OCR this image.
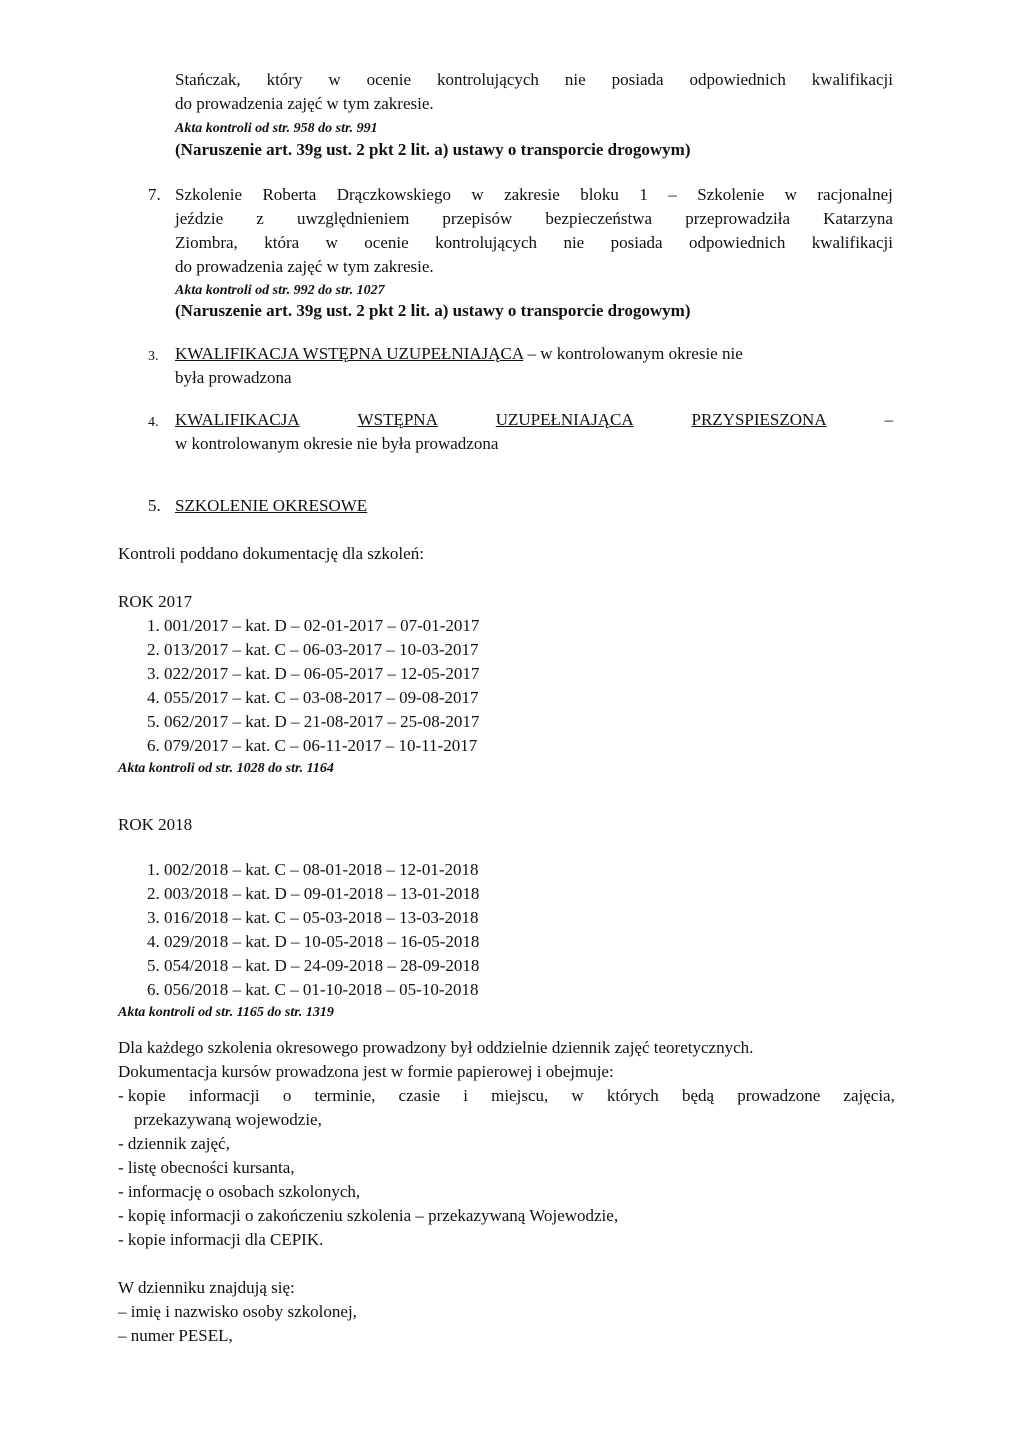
Stańczak, który w ocenie kontrolujących nie posiada odpowiednich kwalifikacji
do prowadzenia zajęć w tym zakresie.
Akta kontroli od str. 958 do str. 991
(Naruszenie art. 39g ust. 2 pkt 2 lit. a) ustawy o transporcie drogowym)
7. Szkolenie Roberta Drączkowskiego w zakresie bloku 1 – Szkolenie w racjonalnej
jeździe z uwzględnieniem przepisów bezpieczeństwa przeprowadziła Katarzyna
Ziombra, która w ocenie kontrolujących nie posiada odpowiednich kwalifikacji
do prowadzenia zajęć w tym zakresie.
Akta kontroli od str. 992 do str. 1027
(Naruszenie art. 39g ust. 2 pkt 2 lit. a) ustawy o transporcie drogowym)
3. KWALIFIKACJA WSTĘPNA UZUPEŁNIAJĄCA – w kontrolowanym okresie nie
była prowadzona
4. KWALIFIKACJA	WSTĘPNA	UZUPEŁNIAJĄCA	PRZYSPIESZONA	–
w kontrolowanym okresie nie była prowadzona
5. SZKOLENIE OKRESOWE
Kontroli poddano dokumentację dla szkoleń:
ROK 2017
1. 001/2017 – kat. D – 02-01-2017 – 07-01-2017
2. 013/2017 – kat. C – 06-03-2017 – 10-03-2017
3. 022/2017 – kat. D – 06-05-2017 – 12-05-2017
4. 055/2017 – kat. C – 03-08-2017 – 09-08-2017
5. 062/2017 – kat. D – 21-08-2017 – 25-08-2017
6. 079/2017 – kat. C – 06-11-2017 – 10-11-2017
Akta kontroli od str. 1028 do str. 1164
ROK 2018
1. 002/2018 – kat. C – 08-01-2018 – 12-01-2018
2. 003/2018 – kat. D – 09-01-2018 – 13-01-2018
3. 016/2018 – kat. C – 05-03-2018 – 13-03-2018
4. 029/2018 – kat. D – 10-05-2018 – 16-05-2018
5. 054/2018 – kat. D – 24-09-2018 – 28-09-2018
6. 056/2018 – kat. C – 01-10-2018 – 05-10-2018
Akta kontroli od str. 1165 do str. 1319
Dla każdego szkolenia okresowego prowadzony był oddzielnie dziennik zajęć teoretycznych.
Dokumentacja kursów prowadzona jest w formie papierowej i obejmuje:
- kopie informacji o terminie, czasie i miejscu, w których będą prowadzone zajęcia,
przekazywaną wojewodzie,
- dziennik zajęć,
- listę obecności kursanta,
- informację o osobach szkolonych,
- kopię informacji o zakończeniu szkolenia – przekazywaną Wojewodzie,
- kopie informacji dla CEPIK.
W dzienniku znajdują się:
– imię i nazwisko osoby szkolonej,
– numer PESEL,
